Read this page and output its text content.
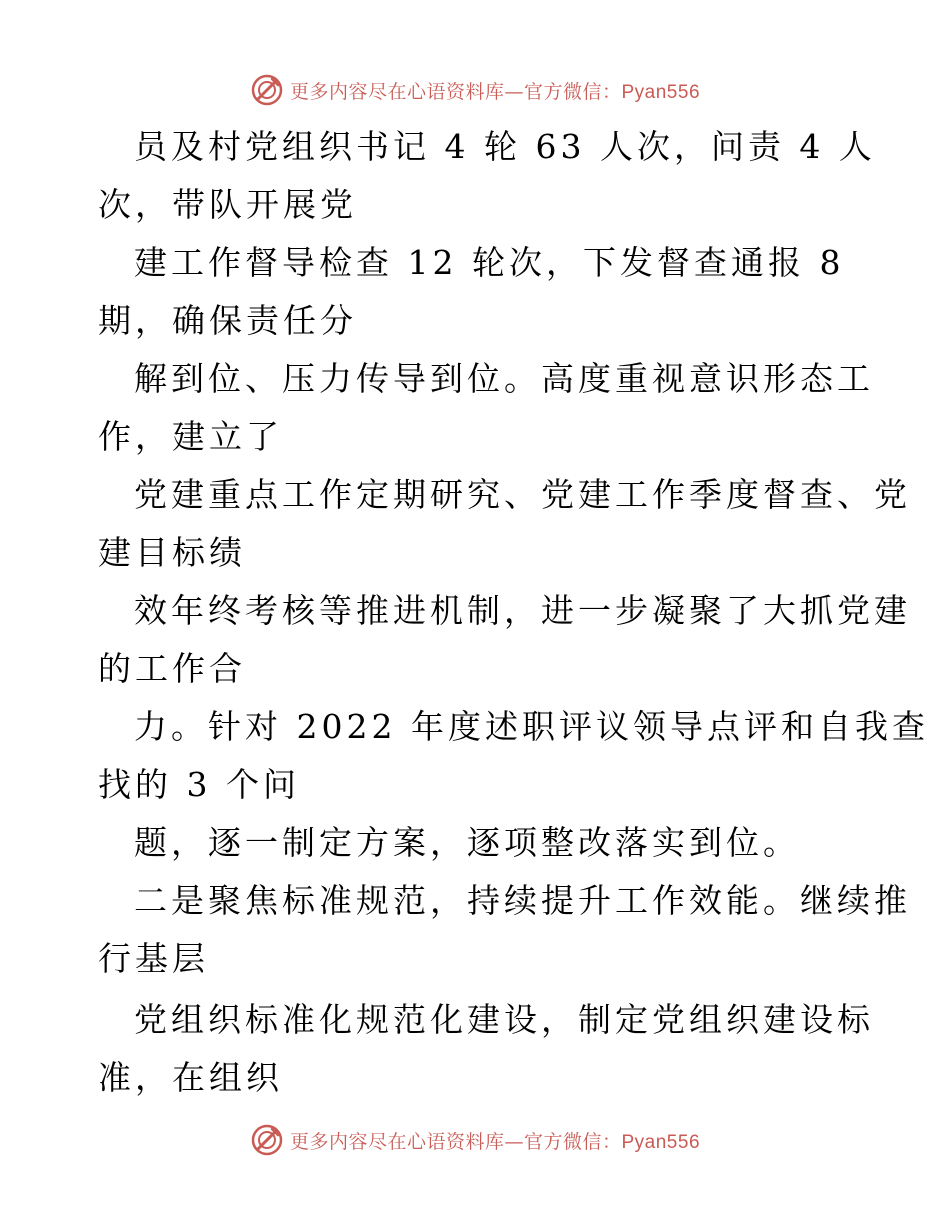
更多内容尽在心语资料库—官方微信：Pyan556
员及村党组织书记 4 轮 63 人次，问责 4 人
次，带队开展党
建工作督导检查 12 轮次，下发督查通报 8
期，确保责任分
解到位、压力传导到位。高度重视意识形态工
作，建立了
党建重点工作定期研究、党建工作季度督查、党
建目标绩
效年终考核等推进机制，进一步凝聚了大抓党建
的工作合
力。针对 2022 年度述职评议领导点评和自我查
找的 3 个问
题，逐一制定方案，逐项整改落实到位。
二是聚焦标准规范，持续提升工作效能。继续推
行基层
党组织标准化规范化建设，制定党组织建设标
准，在组织
更多内容尽在心语资料库—官方微信：Pyan556
